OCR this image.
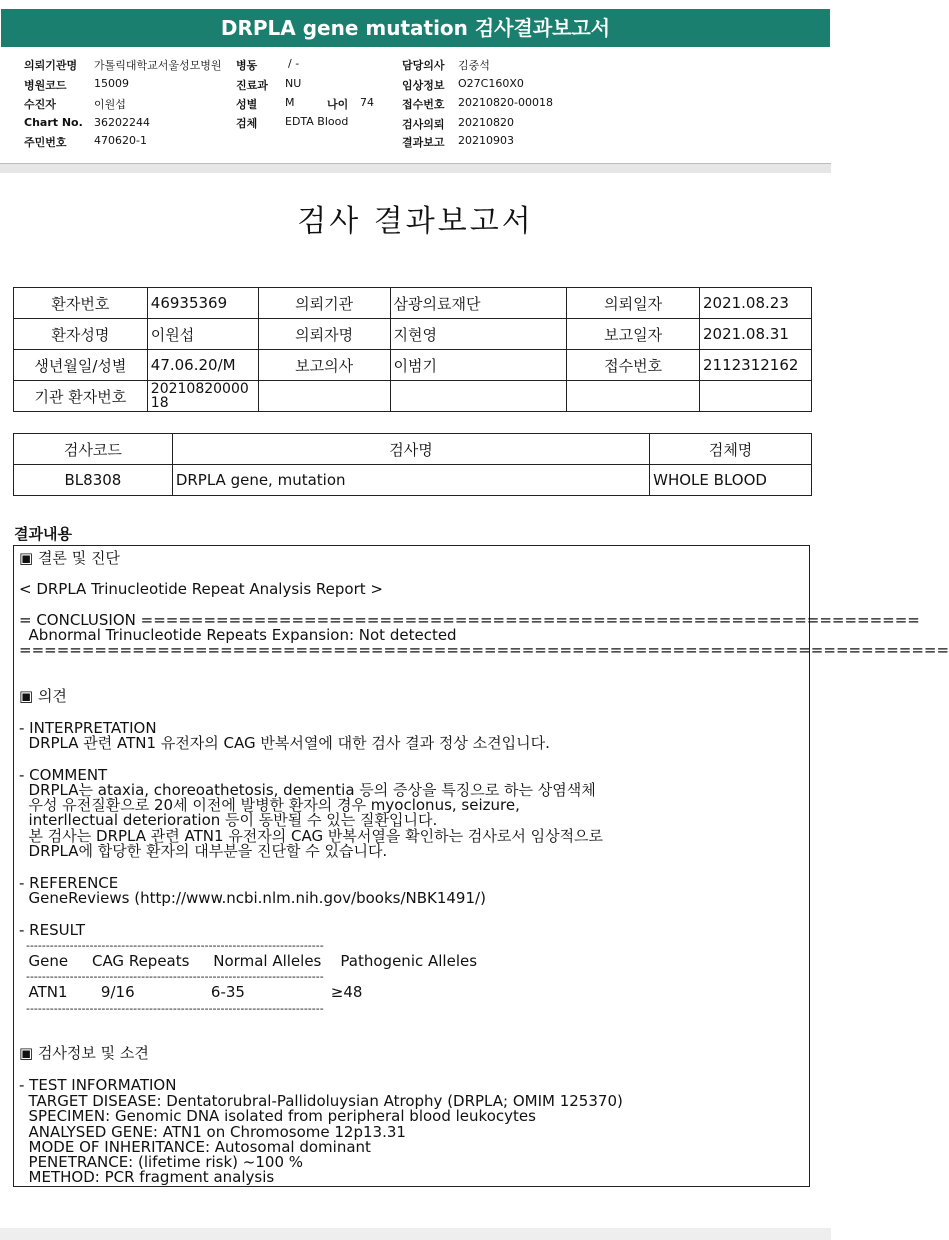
DRPLA gene mutation 검사결과보고서
의뢰기관명 가톨릭대학교서울성모병원 병동	/ -	담당의사 김중석
병원코드 15009	진료과 NU	임상정보 O27C160X0
수진자	이원섭	성별	M	나이 74	접수번호 20210820-00018
Chart No. 36202244	검체	EDTA Blood	검사의뢰 20210820
주민번호 470620-1	결과보고 20210903
검사 결과보고서
환자번호	46935369	의뢰기관	삼광의료재단	의뢰일자	2021.08.23
환자성명	이원섭	의뢰자명	지현영	보고일자	2021.08.31
생년월일/성별	47.06.20/M	보고의사	이범기	접수번호	2112312162
기관 환자번호	20210820000 18				
검사코드	검사명	검체명
BL8308	DRPLA gene, mutation	WHOLE BLOOD
결과내용
▣ 결론 및 진단
< DRPLA Trinucleotide Repeat Analysis Report >
= CONCLUSION ==============================================================
Abnormal Trinucleotide Repeats Expansion: Not detected
==========================================================================
▣ 의견
- INTERPRETATION
DRPLA 관련 ATN1 유전자의 CAG 반복서열에 대한 검사 결과 정상 소견입니다.
- COMMENT
DRPLA는 ataxia, choreoathetosis, dementia 등의 증상을 특징으로 하는 상염색체
우성 유전질환으로 20세 이전에 발병한 환자의 경우 myoclonus, seizure,
interllectual deterioration 등이 동반될 수 있는 질환입니다.
본 검사는 DRPLA 관련 ATN1 유전자의 CAG 반복서열을 확인하는 검사로서 임상적으로
DRPLA에 합당한 환자의 대부분을 진단할 수 있습니다.
- REFERENCE
GeneReviews (http://www.ncbi.nlm.nih.gov/books/NBK1491/)
- RESULT
---------------------------------------------------------------------------
Gene     CAG Repeats     Normal Alleles    Pathogenic Alleles
---------------------------------------------------------------------------
ATN1       9/16                6-35                  ≥48
---------------------------------------------------------------------------
▣ 검사정보 및 소견
- TEST INFORMATION
TARGET DISEASE: Dentatorubral-Pallidoluysian Atrophy (DRPLA; OMIM 125370)
SPECIMEN: Genomic DNA isolated from peripheral blood leukocytes
ANALYSED GENE: ATN1 on Chromosome 12p13.31
MODE OF INHERITANCE: Autosomal dominant
PENETRANCE: (lifetime risk) ~100 %
METHOD: PCR fragment analysis
